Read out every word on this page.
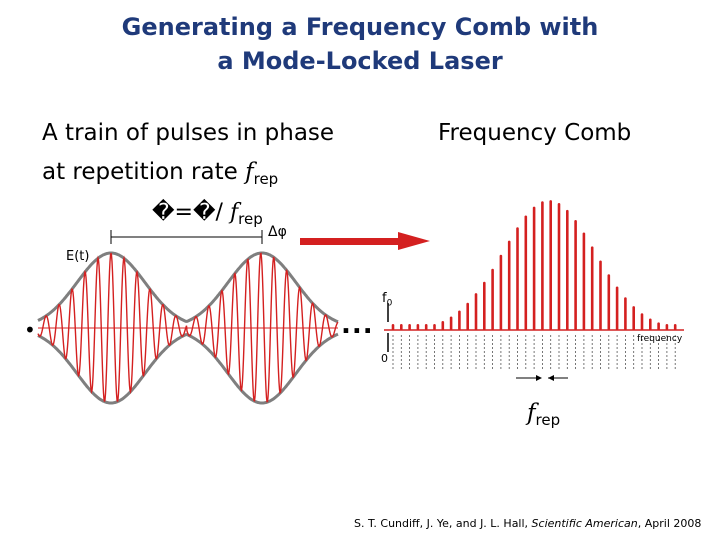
Generating a Frequency Comb with
a Mode-Locked Laser
A train of pulses in phase
at repetition rate $f_{rep}$
Frequency Comb
�=�/ $f_{rep}$
Δφ
E(t)
•	...
$f_0$
0
frequency
$f_{rep}$
S. T. Cundiff, J. Ye, and J. L. Hall, Scientific American, April 2008
